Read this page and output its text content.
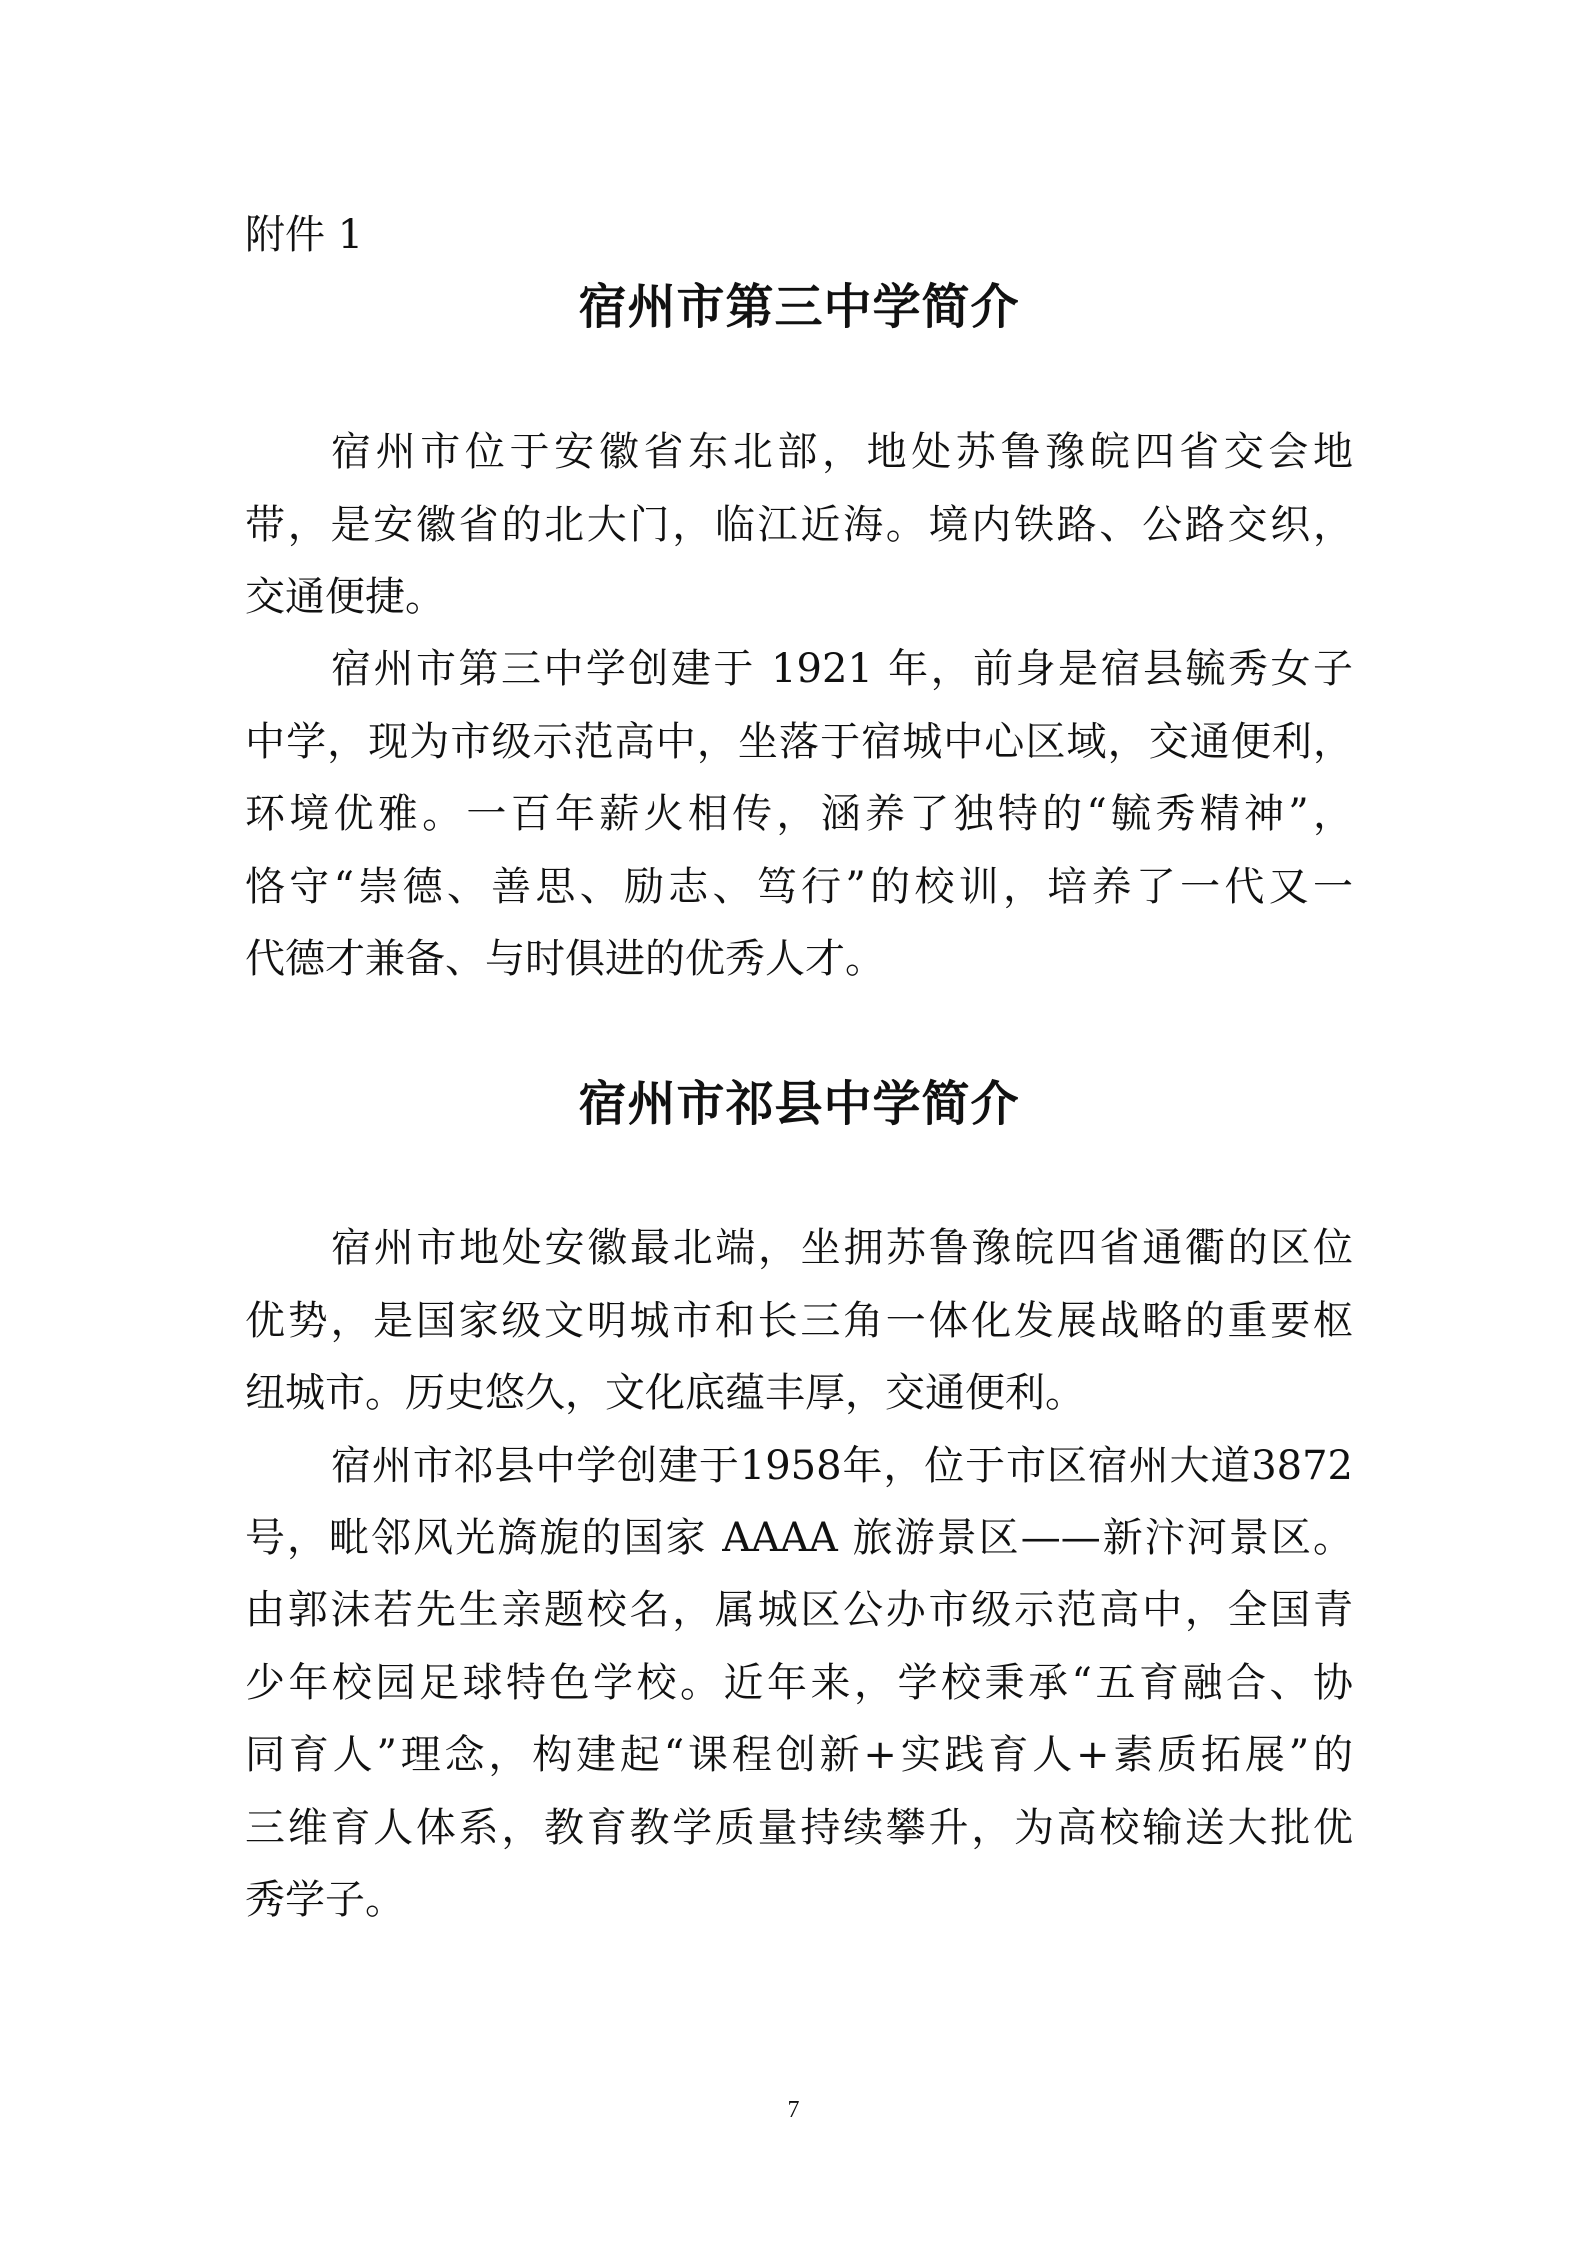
附件 1
宿州市第三中学简介
宿州市位于安徽省东北部，地处苏鲁豫皖四省交会地
带，是安徽省的北大门，临江近海。境内铁路、公路交织，
交通便捷。
宿州市第三中学创建于 1921 年，前身是宿县毓秀女子
中学，现为市级示范高中，坐落于宿城中心区域，交通便利，
环境优雅。一百年薪火相传，涵养了独特的“毓秀精神”，
恪守“崇德、善思、励志、笃行”的校训，培养了一代又一
代德才兼备、与时俱进的优秀人才。
宿州市祁县中学简介
宿州市地处安徽最北端，坐拥苏鲁豫皖四省通衢的区位
优势，是国家级文明城市和长三角一体化发展战略的重要枢
纽城市。历史悠久，文化底蕴丰厚，交通便利。
宿州市祁县中学创建于1958年，位于市区宿州大道3872
号，毗邻风光旖旎的国家 AAAA 旅游景区——新汴河景区。
由郭沫若先生亲题校名，属城区公办市级示范高中，全国青
少年校园足球特色学校。近年来，学校秉承“五育融合、协
同育人”理念，构建起“课程创新+实践育人+素质拓展”的
三维育人体系，教育教学质量持续攀升，为高校输送大批优
秀学子。
7
